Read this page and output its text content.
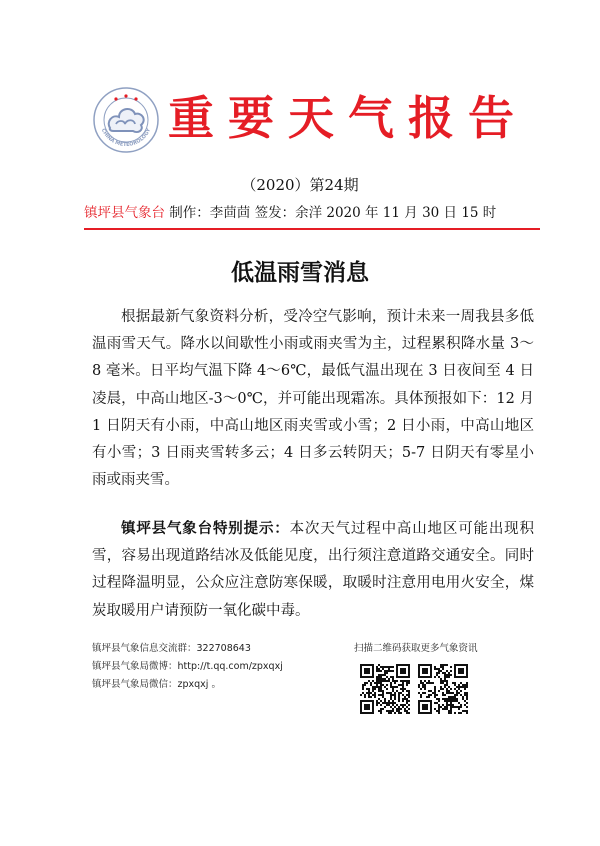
CHINA METEOROLOGY 重要天气报告
（2020）第24期
镇坪县气象台 制作：李茴茴 签发：余洋 2020 年 11 月 30 日 15 时
低温雨雪消息

根据最新气象资料分析，受冷空气影响，预计未来一周我县多低温雨雪天气。降水以间歇性小雨或雨夹雪为主，过程累积降水量 3～8 毫米。日平均气温下降 4～6℃，最低气温出现在 3 日夜间至 4 日凌晨，中高山地区-3～0℃，并可能出现霜冻。具体预报如下：12 月 1 日阴天有小雨，中高山地区雨夹雪或小雪；2 日小雨，中高山地区有小雪；3 日雨夹雪转多云；4 日多云转阴天；5-7 日阴天有零星小雨或雨夹雪。

镇坪县气象台特别提示：本次天气过程中高山地区可能出现积雪，容易出现道路结冰及低能见度，出行须注意道路交通安全。同时过程降温明显，公众应注意防寒保暖，取暖时注意用电用火安全，煤炭取暖用户请预防一氧化碳中毒。

镇坪县气象信息交流群：322708643
镇坪县气象局微博：http://t.qq.com/zpxqxj
镇坪县气象局微信：zpxqxj 。
扫描二维码获取更多气象资讯
